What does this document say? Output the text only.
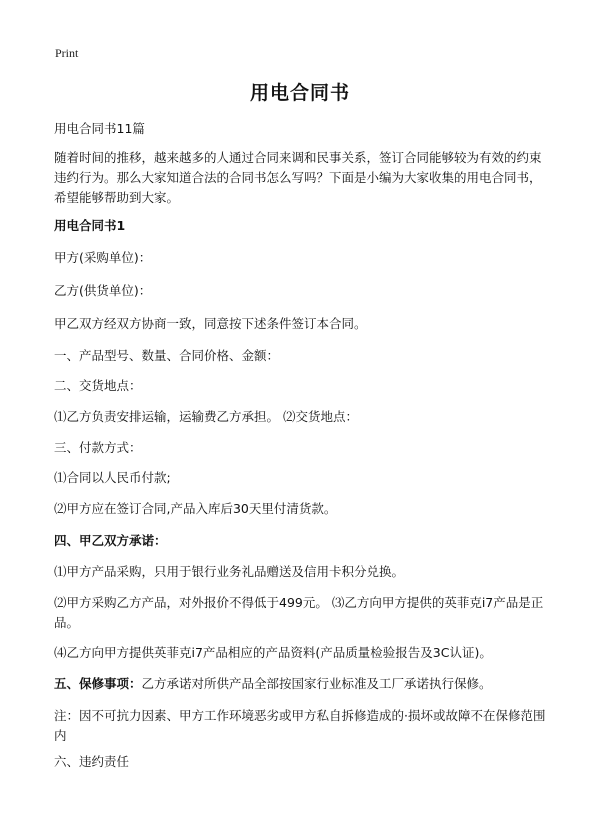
Print
用电合同书

用电合同书11篇

随着时间的推移，越来越多的人通过合同来调和民事关系，签订合同能够较为有效的约束违约行为。那么大家知道合法的合同书怎么写吗？下面是小编为大家收集的用电合同书，希望能够帮助到大家。

用电合同书1

甲方(采购单位)：

乙方(供货单位)：

甲乙双方经双方协商一致，同意按下述条件签订本合同。

一、产品型号、数量、合同价格、金额：

二、交货地点：

⑴乙方负责安排运输，运输费乙方承担。 ⑵交货地点：

三、付款方式：

⑴合同以人民币付款;

⑵甲方应在签订合同,产品入库后30天里付清货款。

四、甲乙双方承诺：

⑴甲方产品采购，只用于银行业务礼品赠送及信用卡积分兑换。

⑵甲方采购乙方产品，对外报价不得低于499元。 ⑶乙方向甲方提供的英菲克i7产品是正品。

⑷乙方向甲方提供英菲克i7产品相应的产品资料(产品质量检验报告及3C认证)。

五、保修事项：乙方承诺对所供产品全部按国家行业标准及工厂承诺执行保修。

注：因不可抗力因素、甲方工作环境恶劣或甲方私自拆修造成的·损坏或故障不在保修范围内

六、违约责任
